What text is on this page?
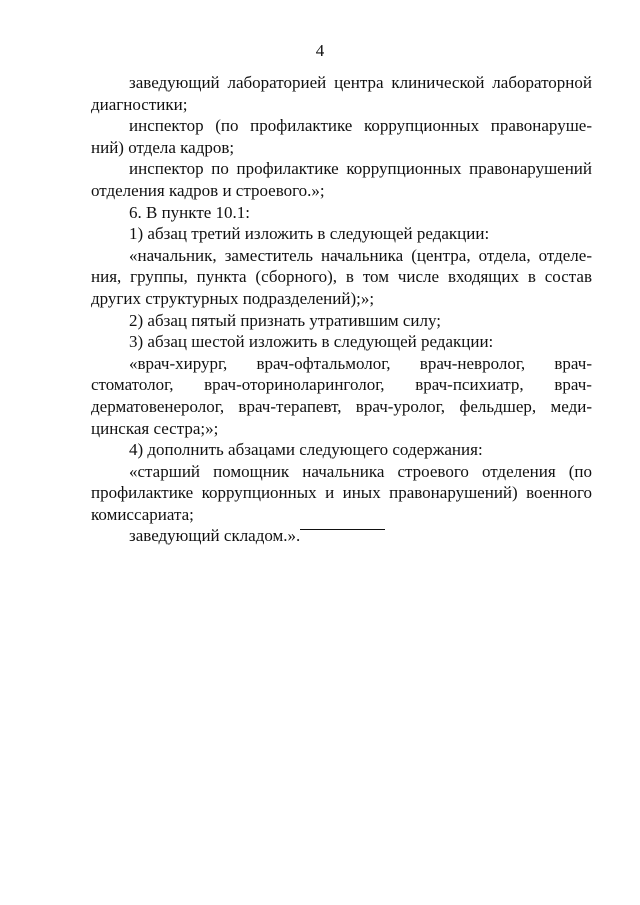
4
заведующий лабораторией центра клинической лабораторной
диагностики;
инспектор (по профилактике коррупционных правонаруше-
ний) отдела кадров;
инспектор по профилактике коррупционных правонарушений
отделения кадров и строевого.»;
6. В пункте 10.1:
1) абзац третий изложить в следующей редакции:
«начальник, заместитель начальника (центра, отдела, отделе-
ния, группы, пункта (сборного), в том числе входящих в состав
других структурных подразделений);»;
2) абзац пятый признать утратившим силу;
3) абзац шестой изложить в следующей редакции:
«врач-хирург, врач-офтальмолог, врач-невролог, врач-
стоматолог, врач-оториноларинголог, врач-психиатр, врач-
дерматовенеролог, врач-терапевт, врач-уролог, фельдшер, меди-
цинская сестра;»;
4) дополнить абзацами следующего содержания:
«старший помощник начальника строевого отделения (по
профилактике коррупционных и иных правонарушений) военного
комиссариата;
заведующий складом.».
